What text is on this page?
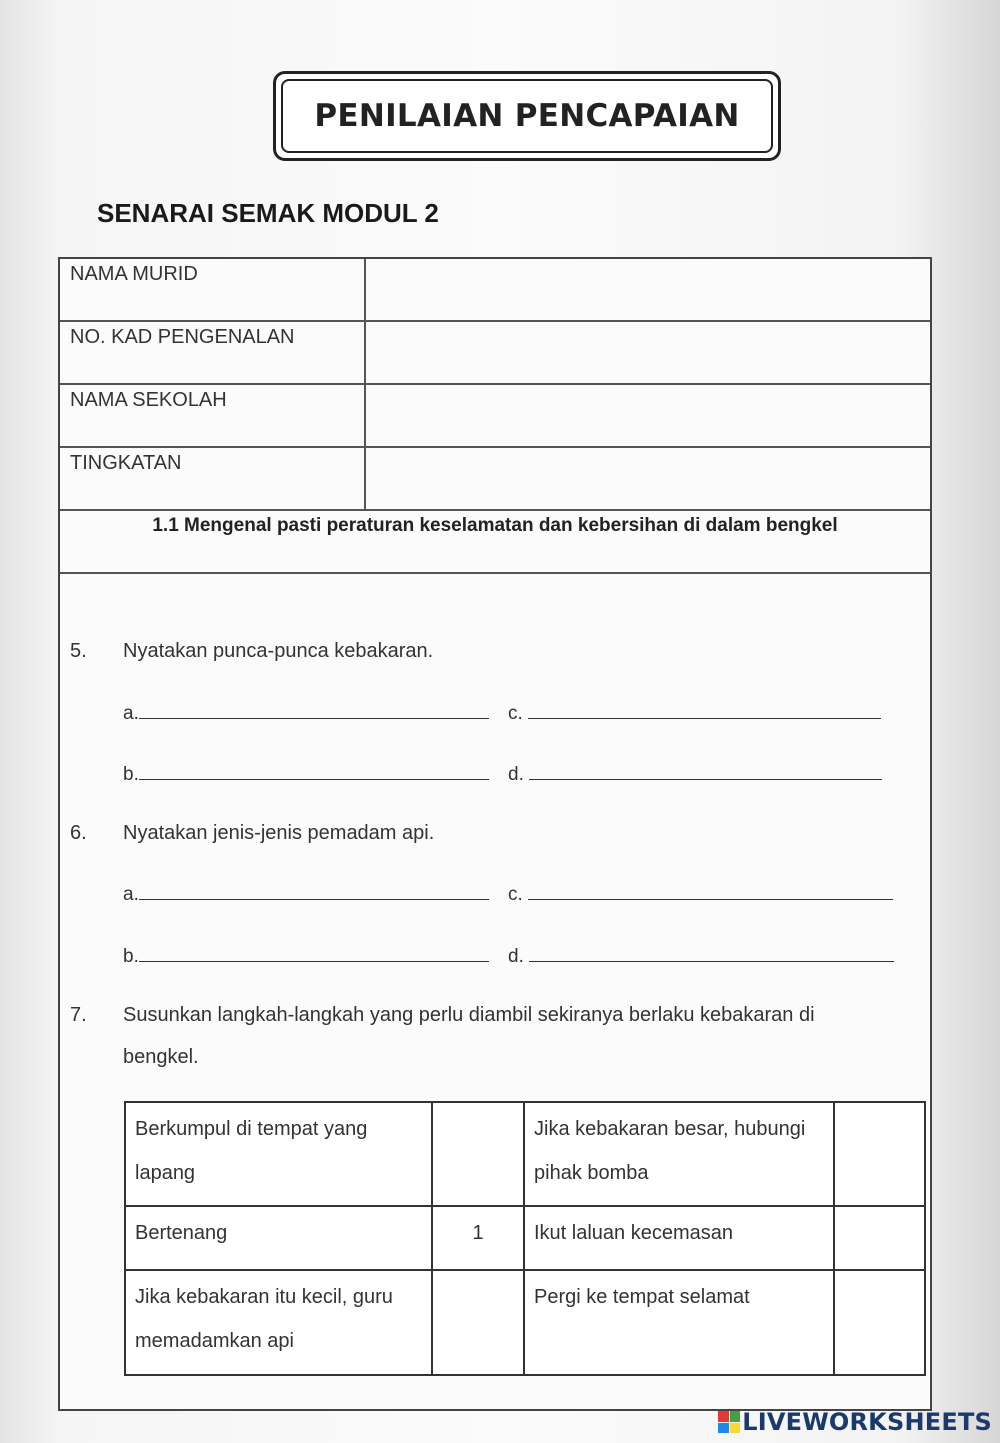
PENILAIAN PENCAPAIAN
SENARAI SEMAK MODUL 2
NAMA MURID
NO. KAD PENGENALAN
NAMA SEKOLAH
TINGKATAN
1.1 Mengenal pasti peraturan keselamatan dan kebersihan di dalam bengkel
5. Nyatakan punca-punca kebakaran.
a.	c.
b.	d.
6. Nyatakan jenis-jenis pemadam api.
a.	c.
b.	d.
7. Susunkan langkah-langkah yang perlu diambil sekiranya berlaku kebakaran di
bengkel.
Berkumpul di tempat yang lapang		Jika kebakaran besar, hubungi pihak bomba	
Bertenang	1	Ikut laluan kecemasan	
Jika kebakaran itu kecil, guru memadamkan api		Pergi ke tempat selamat	
LIVEWORKSHEETS
